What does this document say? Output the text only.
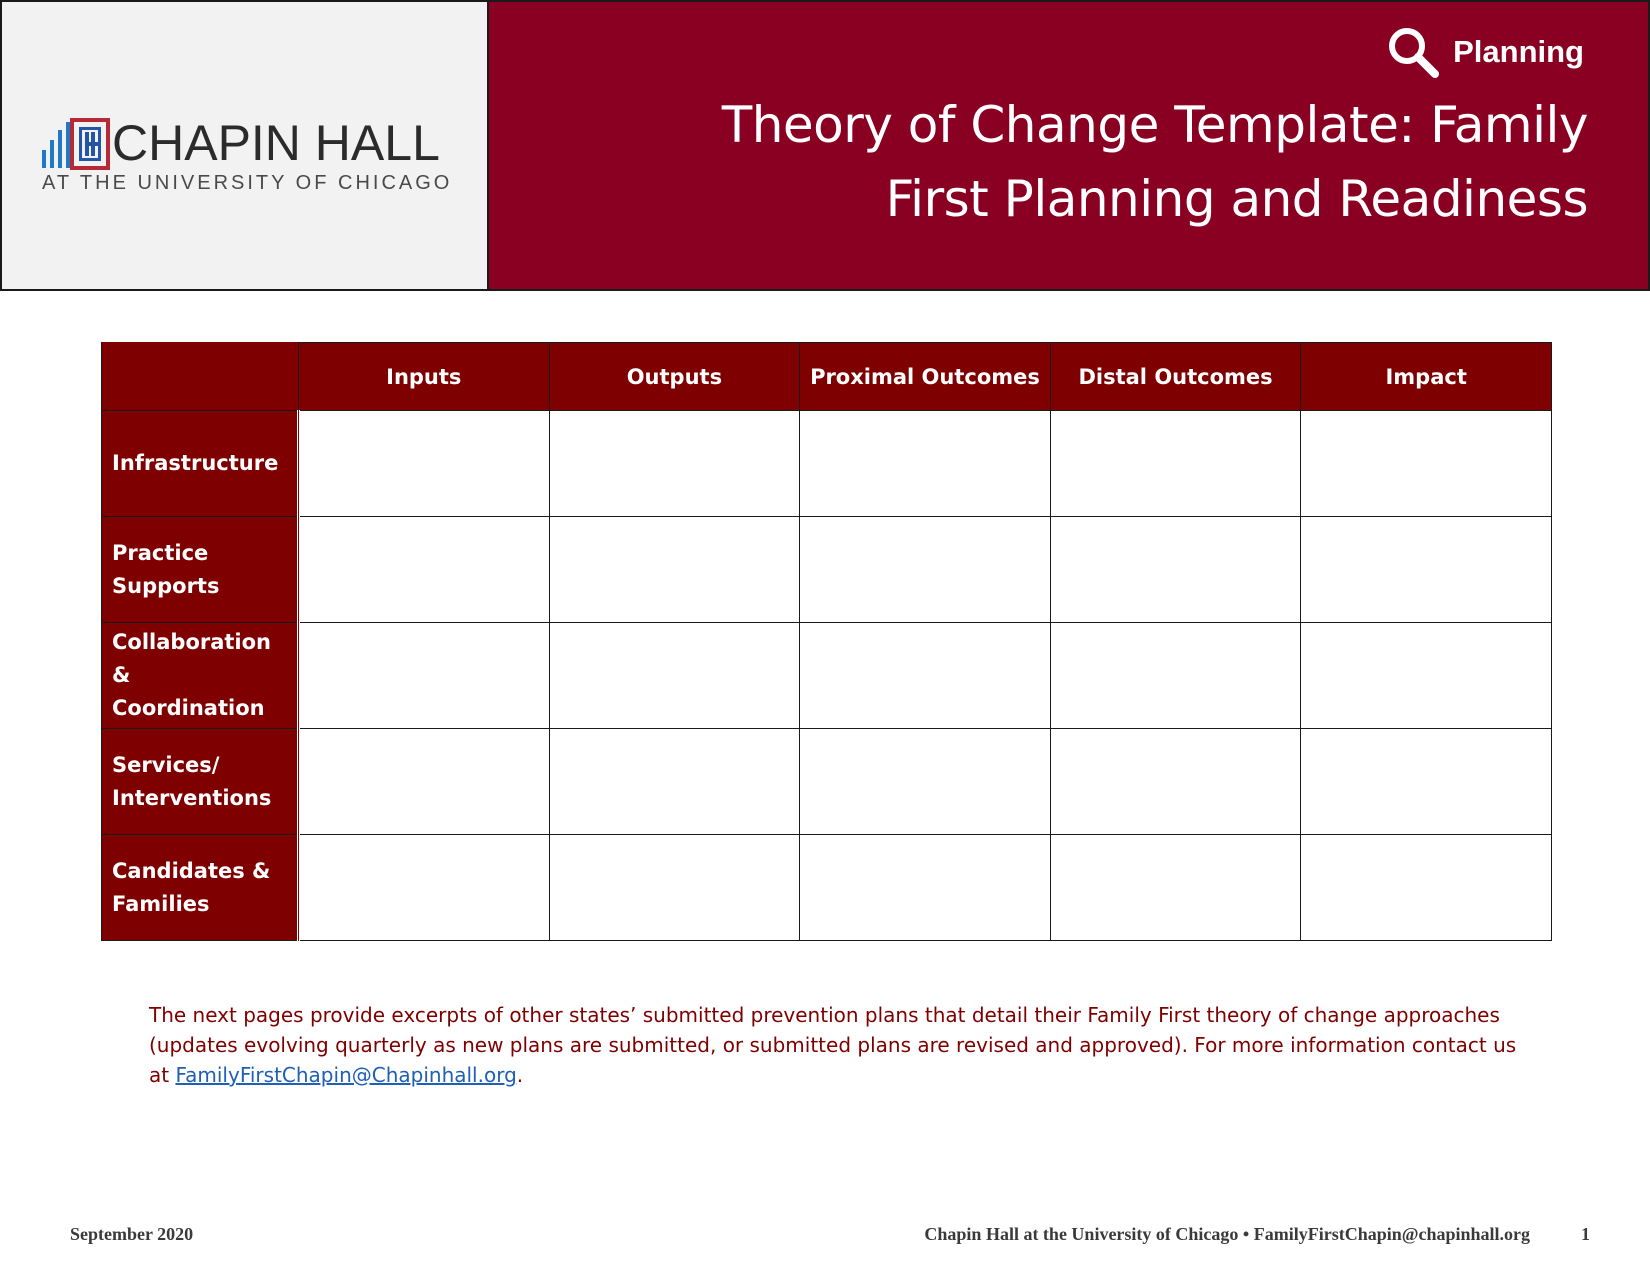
CHAPIN HALL
AT THE UNIVERSITY OF CHICAGO
Planning
Theory of Change Template: Family
First Planning and Readiness
	Inputs	Outputs	Proximal Outcomes	Distal Outcomes	Impact
Infrastructure					
Practice Supports					
Collaboration & Coordination					
Services/ Interventions					
Candidates & Families					

The next pages provide excerpts of other states’ submitted prevention plans that detail their Family First theory of change approaches (updates evolving quarterly as new plans are submitted, or submitted plans are revised and approved). For more information contact us at FamilyFirstChapin@Chapinhall.org.

September 2020	Chapin Hall at the University of Chicago • FamilyFirstChapin@chapinhall.org	1
